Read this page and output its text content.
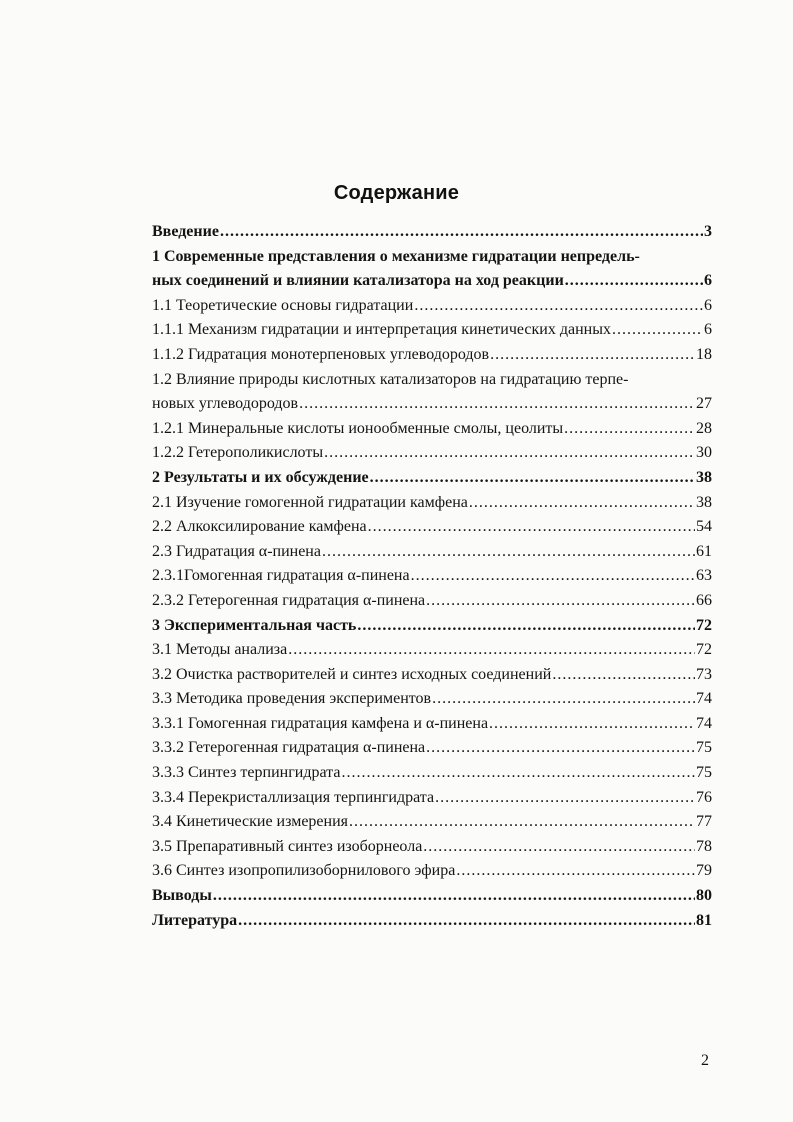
Содержание
Введение .....	3
1 Современные представления о механизме гидратации непредель-
ных соединений и влиянии катализатора на ход реакции .....	6
1.1 Теоретические основы гидратации .....	6
1.1.1 Механизм гидратации и интерпретация кинетических данных .....	6
1.1.2 Гидратация монотерпеновых углеводородов .....	18
1.2 Влияние природы кислотных катализаторов на гидратацию терпе-
новых углеводородов .....	27
1.2.1 Минеральные кислоты ионообменные смолы, цеолиты .....	28
1.2.2 Гетерополикислоты .....	30
2 Результаты и их обсуждение .....	38
2.1 Изучение гомогенной гидратации камфена .....	38
2.2 Алкоксилирование камфена .....	54
2.3 Гидратация α-пинена .....	61
2.3.1Гомогенная гидратация α-пинена .....	63
2.3.2 Гетерогенная гидратация α-пинена .....	66
3 Экспериментальная часть .....	72
3.1 Методы анализа .....	72
3.2 Очистка растворителей и синтез исходных соединений .....	73
3.3 Методика проведения экспериментов .....	74
3.3.1 Гомогенная гидратация камфена и α-пинена .....	74
3.3.2 Гетерогенная гидратация α-пинена .....	75
3.3.3 Синтез терпингидрата .....	75
3.3.4 Перекристаллизация терпингидрата .....	76
3.4 Кинетические измерения .....	77
3.5 Препаративный синтез изоборнеола .....	78
3.6 Синтез изопропилизоборнилового эфира .....	79
Выводы .....	80
Литература .....	81
2
